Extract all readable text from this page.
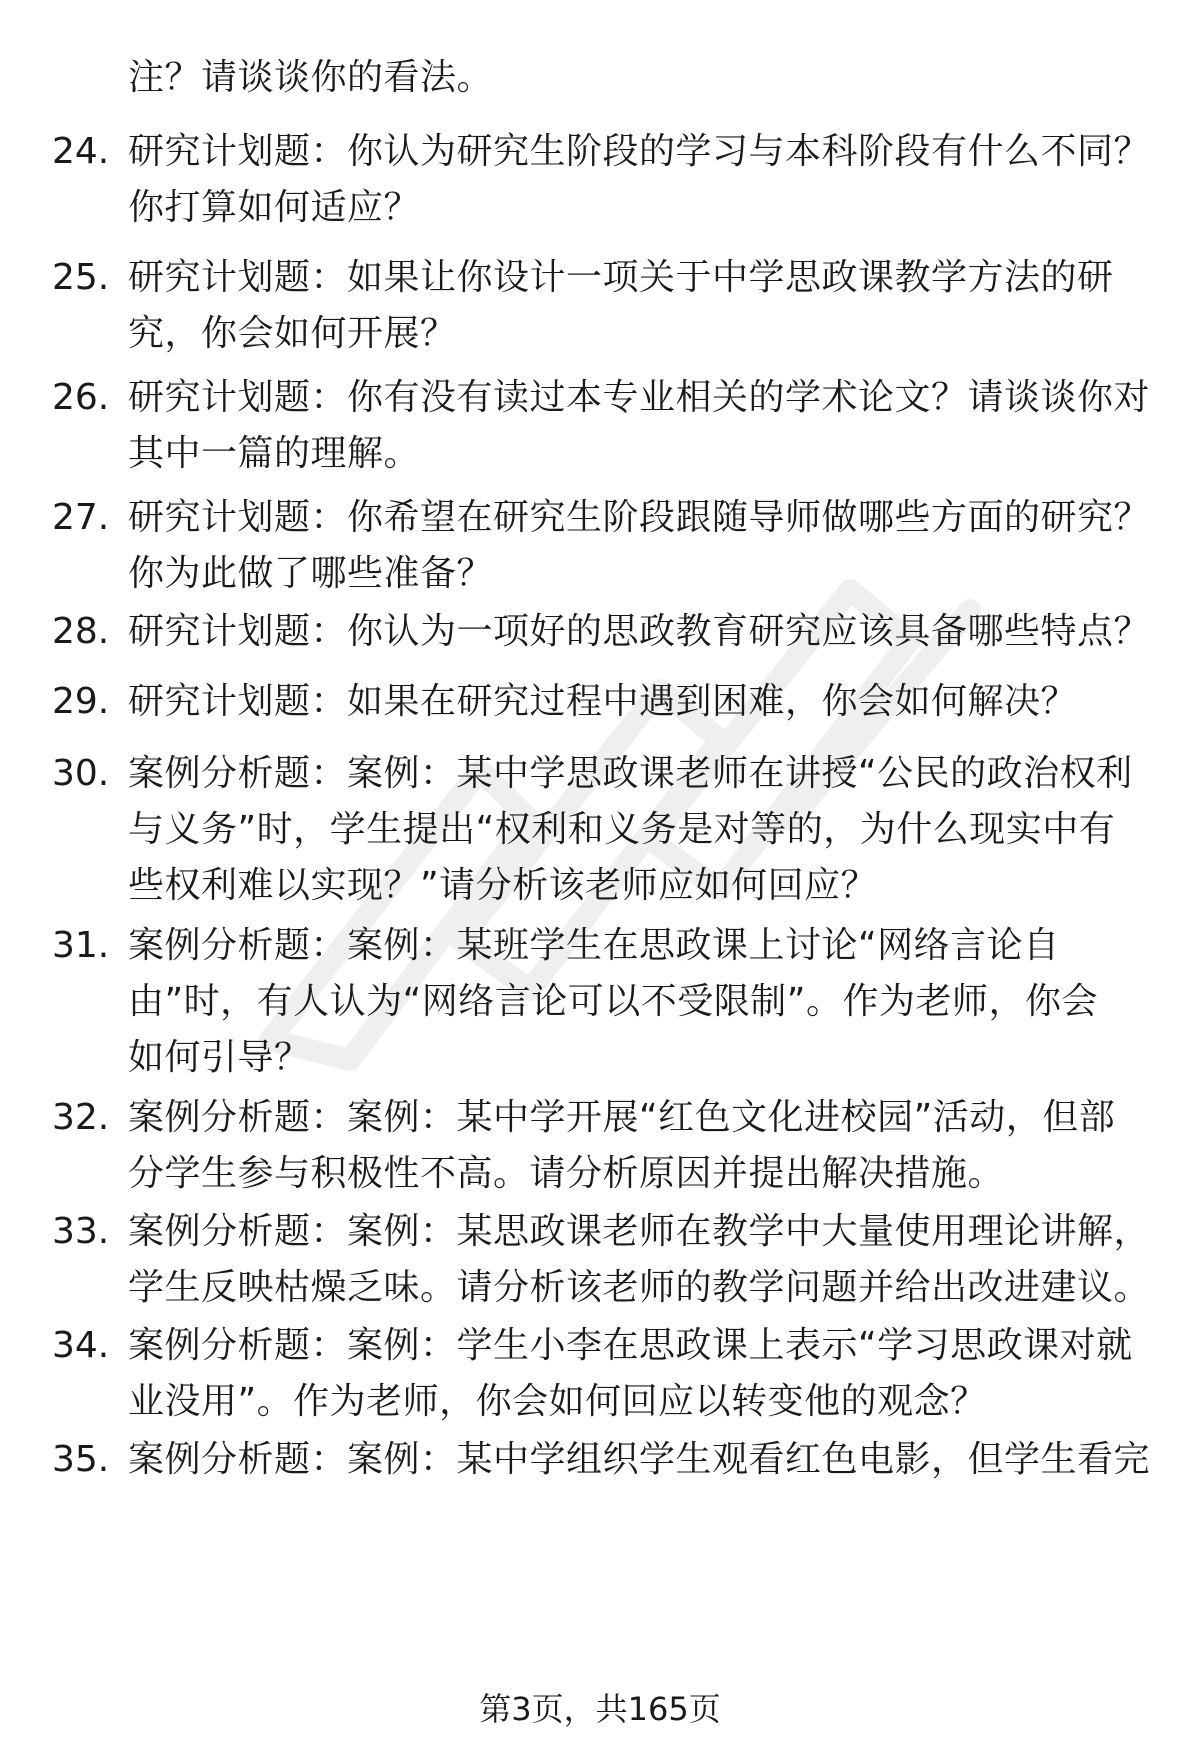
注？请谈谈你的看法。
24. 研究计划题：你认为研究生阶段的学习与本科阶段有什么不同？
你打算如何适应？
25. 研究计划题：如果让你设计一项关于中学思政课教学方法的研
究，你会如何开展？
26. 研究计划题：你有没有读过本专业相关的学术论文？请谈谈你对
其中一篇的理解。
27. 研究计划题：你希望在研究生阶段跟随导师做哪些方面的研究？
你为此做了哪些准备？
28. 研究计划题：你认为一项好的思政教育研究应该具备哪些特点？
29. 研究计划题：如果在研究过程中遇到困难，你会如何解决？
30. 案例分析题：案例：某中学思政课老师在讲授“公民的政治权利
与义务”时，学生提出“权利和义务是对等的，为什么现实中有
些权利难以实现？”请分析该老师应如何回应？
31. 案例分析题：案例：某班学生在思政课上讨论“网络言论自
由”时，有人认为“网络言论可以不受限制”。作为老师，你会
如何引导？
32. 案例分析题：案例：某中学开展“红色文化进校园”活动，但部
分学生参与积极性不高。请分析原因并提出解决措施。
33. 案例分析题：案例：某思政课老师在教学中大量使用理论讲解，
学生反映枯燥乏味。请分析该老师的教学问题并给出改进建议。
34. 案例分析题：案例：学生小李在思政课上表示“学习思政课对就
业没用”。作为老师，你会如何回应以转变他的观念？
35. 案例分析题：案例：某中学组织学生观看红色电影，但学生看完
第3页，共165页
